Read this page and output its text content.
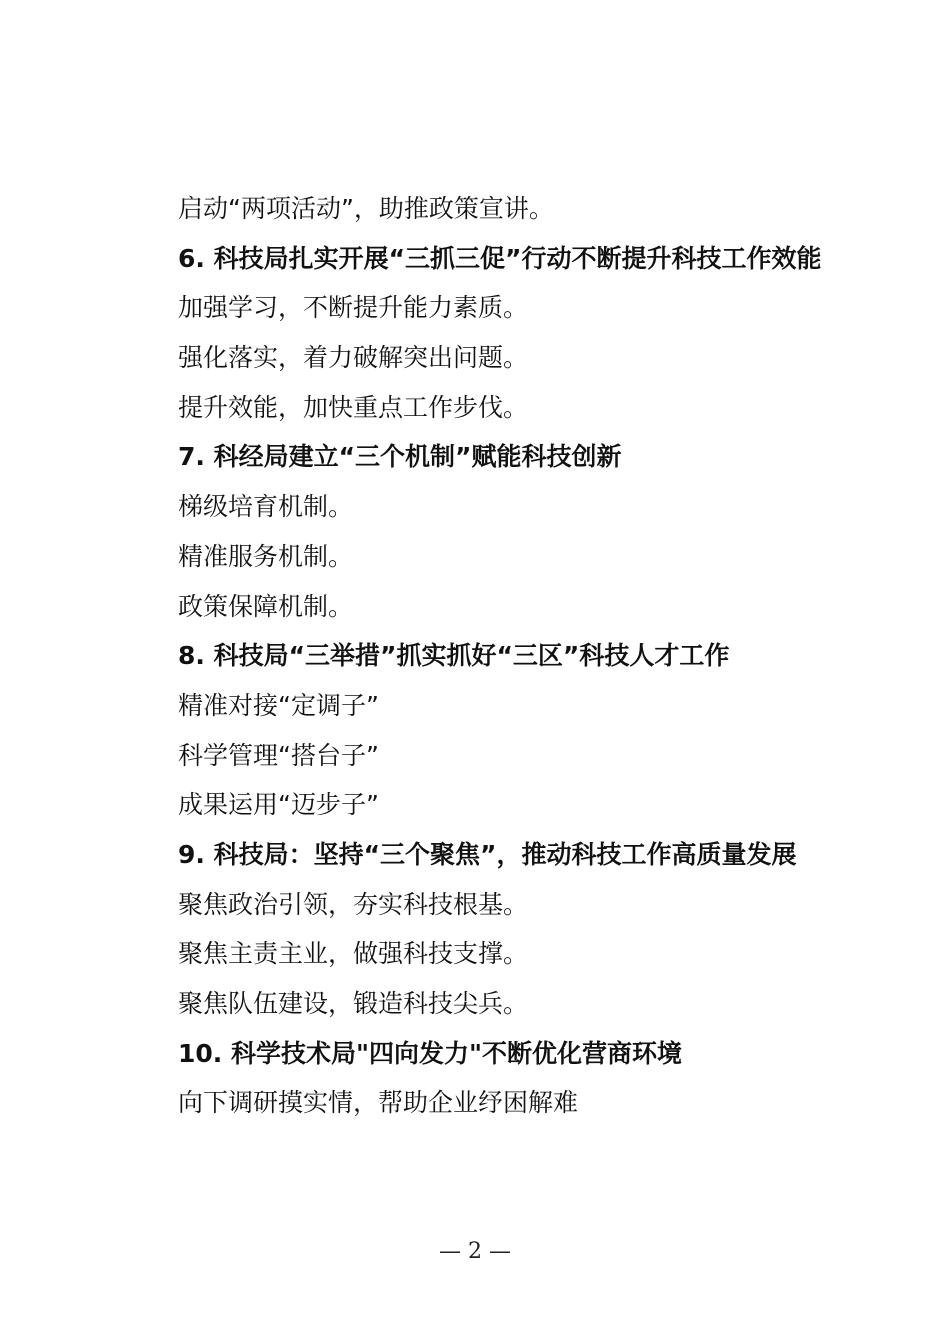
启动“两项活动”，助推政策宣讲。
6. 科技局扎实开展“三抓三促”行动不断提升科技工作效能
加强学习，不断提升能力素质。
强化落实，着力破解突出问题。
提升效能，加快重点工作步伐。
7. 科经局建立“三个机制”赋能科技创新
梯级培育机制。
精准服务机制。
政策保障机制。
8. 科技局“三举措”抓实抓好“三区”科技人才工作
精准对接“定调子”
科学管理“搭台子”
成果运用“迈步子”
9. 科技局：坚持“三个聚焦”，推动科技工作高质量发展
聚焦政治引领，夯实科技根基。
聚焦主责主业，做强科技支撑。
聚焦队伍建设，锻造科技尖兵。
10. 科学技术局"四向发力"不断优化营商环境
向下调研摸实情，帮助企业纾困解难
— 2 —
